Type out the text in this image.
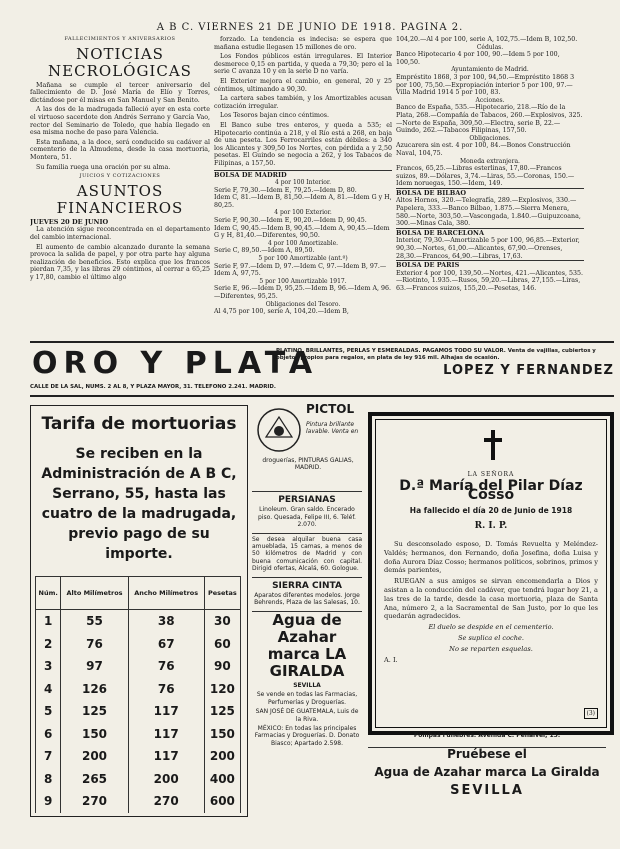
A B C. VIERNES 21 DE JUNIO DE 1918. PAGINA 2.
FALLECIMIENTOS Y ANIVERSARIOS
NOTICIAS NECROLÓGICAS

Mañana se cumple el tercer aniversario del fallecimiento de D. José María de Elío y Torres, dictándose por él misas en San Manuel y San Benito.

A las dos de la madrugada falleció ayer en esta corte el virtuoso sacerdote don Andrés Serrano y García Vao, rector del Seminario de Toledo, que había llegado en esa misma noche de paso para Valencia.

Esta mañana, a la doce, será conducido su cadáver al cementerio de la Almudena, desde la casa mortuoria, Montera, 51.

Su familia ruega una oración por su alma.

JUICIOS Y COTIZACIONES
ASUNTOS FINANCIEROS
JUEVES 20 DE JUNIO

La atención sigue reconcentrada en el departamento del cambio internacional.

El aumento de cambio alcanzado durante la semana provoca la salida de papel, y por otra parte hay alguna realización de beneficios. Esto explica que los francos pierdan 7,35, y las libras 29 céntimos, al cerrar a 65,25 y 17,80, cambio el último algo

forzado. La tendencia es indecisa: se espera que mañana estudie llegasen 15 millones de oro.

Los Fondos públicos están irregulares. El Interior desmerece 0,15 en partida, y queda a 79,30; pero el la serie C avanza 10 y en la serie D no varía.

El Exterior mejora el cambio, en general, 20 y 25 céntimos, ultimando a 90,30.

La cartera sabes también, y los Amortizables acusan cotización irregular.

Los Tesoros bajan cinco céntimos.

El Banco sube tres enteros, y queda a 535; el Hipotecario continúa a 218, y el Río está a 268, en baja de una peseta. Los Ferrocarriles están débiles: a 340 los Alicantes y 309,50 los Nortes, con pérdida a y 2,50 pesetas. El Guindo se negocia a 262, y los Tabacos de Filipinas, a 157,50.

BOLSA DE MADRID
4 por 100 Interior.
Serie F, 79,30.—Idem E, 79,25.—Idem D, 80.
Idem C, 81.—Idem B, 81,50.—Idem A, 81.—Idem G y H, 80,25.
4 por 100 Exterior.
Serie F, 90,30.—Idem E, 90,20.—Idem D, 90,45.
Idem C, 90,45.—Idem B, 90,45.—Idem A, 90,45.—Idem G y H, 81,40.—Diferentes, 90,50.
4 por 100 Amortizable.
Serie C, 89,50.—Idem A, 89,50.
5 por 100 Amortizable (ant.º)
Serie F, 97.—Idem D, 97.—Idem C, 97.—Idem B, 97.—Idem A, 97,75.
5 por 100 Amortizable 1917.
Serie E, 96.—Idem D, 95,25.—Idem B, 96.—Idem A, 96.—Diferentes, 95,25.
Obligaciones del Tesoro.
Al 4,75 por 100, serie A, 104,20.—Idem B,
104,20.—Al 4 por 100, serie A, 102,75.—Idem B, 102,50.
Cédulas.
Banco Hipotecario 4 por 100, 90.—Idem 5 por 100, 100,50.
Ayuntamiento de Madrid.
Empréstito 1868, 3 por 100, 94,50.—Empréstito 1868 3 por 100, 75,50.—Expropiación interior 5 por 100, 97.—Villa Madrid 1914 5 por 100, 83.
Acciones.
Banco de España, 535.—Hipotecario, 218.—Río de la Plata, 268.—Compañía de Tabacos, 260.—Explosivos, 325.—Norte de España, 309,50.—Electra, serie B, 22.—Guindo, 262.—Tabacos Filipinas, 157,50.
Obligaciones.
Azucarera sin est. 4 por 100, 84.—Bonos Construcción Naval, 104,75.
Moneda extranjera.
Francos, 65,25.—Libras esterlinas, 17,80.—Francos suizos, 89.—Dólares, 3,74.—Liras, 55.—Coronas, 150.—Idem noruegas, 150.—Idem, 149.
BOLSA DE BILBAO
Altos Hornos, 320.—Telegrafía, 289.—Explosivos, 330.—Papelera, 333.—Banco Bilbao, 1.875.—Sierra Menera, 580.—Norte, 303,50.—Vascongada, 1.840.—Guipuzcoana, 300.—Minas Cala, 380.
BOLSA DE BARCELONA
Interior, 79,30.—Amortizable 5 por 100, 96,85.—Exterior, 90,30.—Nortes, 61,00.—Alicantes, 67,90.—Orenses, 28,30.—Francos, 64,90.—Libras, 17,63.
BOLSA DE PARIS
Exterior 4 por 100, 139,50.—Nortes, 421.—Alicantes, 535.—Riotinto, 1.935.—Rusos, 59,20.—Libras, 27,155.—Liras, 63.—Francos suizos, 155,20.—Pesetas, 146.
ORO Y PLATA
PLATINO, BRILLANTES, PERLAS Y ESMERALDAS. PAGAMOS TODO SU VALOR. Venta de vajillas, cubiertos y objetos propios para regalos, en plata de ley 916 mil. Alhajas de ocasión.
LOPEZ Y FERNANDEZ
CALLE DE LA SAL, NUMS. 2 AL 8, Y PLAZA MAYOR, 31. TELEFONO 2.241. MADRID.
Tarifa de mortuorias
Se reciben en la Administración de A B C, Serrano, 55, hasta las cuatro de la madrugada, previo pago de su importe.
Núm.	Alto Milímetros	Ancho Milímetros	Pesetas
1	55	38	30
2	76	67	60
3	97	76	90
4	126	76	120
5	125	117	125
6	150	117	150
7	200	117	200
8	265	200	400
9	270	270	600
PICTOL
Pintura brillante lavable. Venta en
droguerías, PINTURAS GALIAS, MADRID.
PERSIANAS
Linoleum. Gran saldo. Encerado piso. Quesada, Felipe III, 6. Teléf. 2.070.
Se desea alquilar buena casa amueblada, 15 camas, a menos de 50 kilómetros de Madrid y con buena comunicación con capital. Dirigid ofertas, Alcalá, 60. Gologue.
SIERRA CINTA
Aparatos diferentes modelos. Jorge Behrends, Plaza de las Salesas, 10.
Agua de Azahar marca LA GIRALDA
SEVILLA
Se vende en todas las Farmacias, Perfumerías y Droguerías.
SAN JOSÉ DE GUATEMALA, Luis de la Riva.
MÉXICO: En todas las principales Farmacias y Droguerías. D. Donato Biasco; Apartado 2.598.
LA SEÑORA
D.ª María del Pilar Díaz Cosso
Ha fallecido el día 20 de Junio de 1918
R. I. P.

Su desconsolado esposo, D. Tomás Revuelta y Meléndez-Valdés; hermanos, don Fernando, doña Josefina, doña Luisa y doña Aurora Díaz Cosso; hermanos políticos, sobrinos, primos y demás parientes,

RUEGAN a sus amigos se sirvan encomendarla a Dios y asistan a la conducción del cadáver, que tendrá lugar hoy 21, a las tres de la tarde, desde la casa mortuoria, plaza de Santa Ana, número 2, a la Sacramental de San Justo, por lo que les quedarán agradecidos.

El duelo se despide en el cementerio.

Se suplica el coche.

No se reparten esquelas.

A. I.

(3)
Pompas Fúnebres. Avenida C. Peñalver, 15.
Pruébese el
Agua de Azahar marca La Giralda
SEVILLA
